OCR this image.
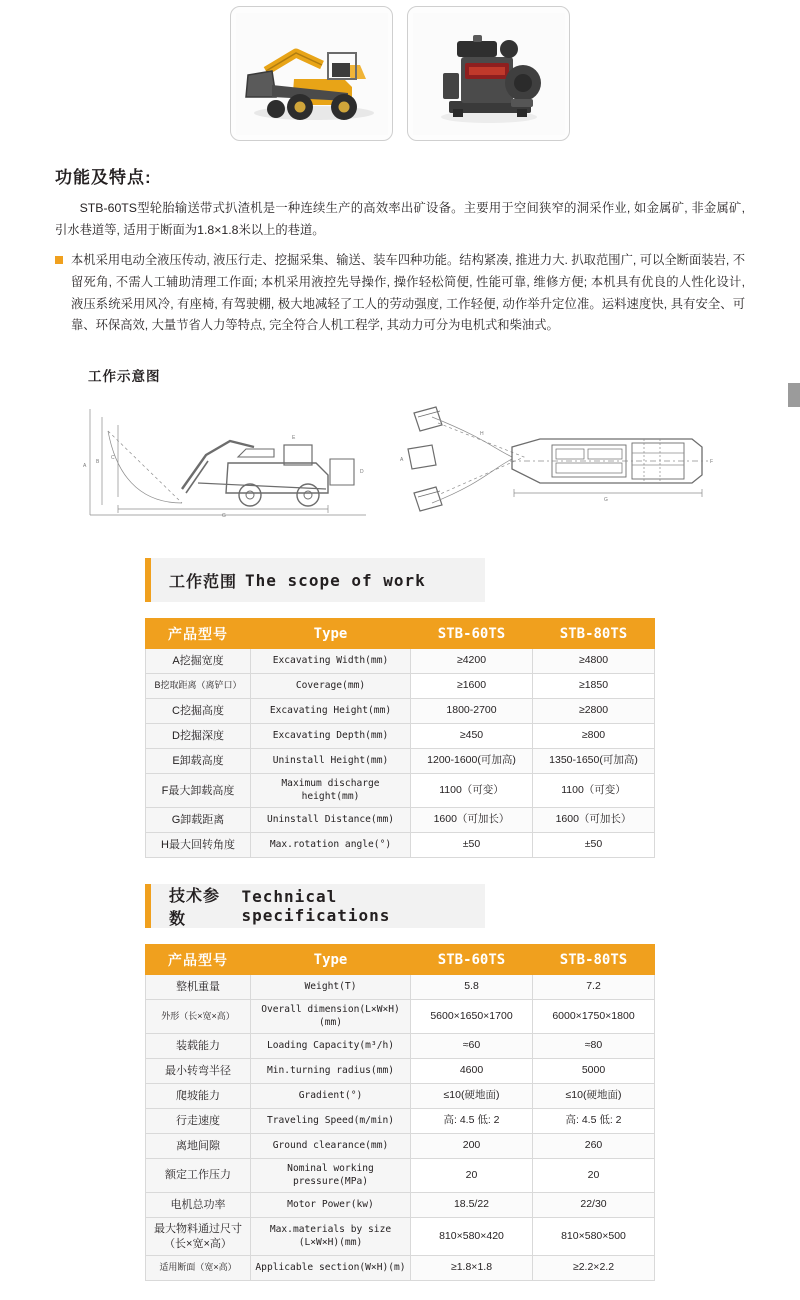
功能及特点:
STB-60TS型轮胎输送带式扒渣机是一种连续生产的高效率出矿设备。主要用于空间狭窄的洞采作业, 如金属矿, 非金属矿, 引水巷道等, 适用于断面为1.8×1.8米以上的巷道。
本机采用电动全液压传动, 液压行走、挖掘采集、输送、装车四种功能。结构紧凑, 推进力大. 扒取范围广, 可以全断面装岩, 不留死角, 不需人工辅助清理工作面; 本机采用液控先导操作, 操作轻松简便, 性能可靠, 维修方便; 本机具有优良的人性化设计, 液压系统采用风冷, 有座椅, 有驾驶棚, 极大地减轻了工人的劳动强度, 工作轻便, 动作举升定位准。运料速度快, 具有安全、可靠、环保高效, 大量节省人力等特点, 完全符合人机工程学, 其动力可分为电机式和柴油式。
工作示意图
A
B
C
G
D
E
H
A
G
F
工作范围 The scope of work
产品型号	Type	STB-60TS	STB-80TS
A挖掘宽度	Excavating Width(mm)	≥4200	≥4800
B挖取距离（离铲口）	Coverage(mm)	≥1600	≥1850
C挖掘高度	Excavating Height(mm)	1800-2700	≥2800
D挖掘深度	Excavating Depth(mm)	≥450	≥800
E卸载高度	Uninstall Height(mm)	1200-1600(可加高)	1350-1650(可加高)
F最大卸载高度	Maximum discharge height(mm)	1100（可变）	1100（可变）
G卸载距离	Uninstall Distance(mm)	1600（可加长）	1600（可加长）
H最大回转角度	Max.rotation angle(°)	±50	±50
技术参数
Technical specifications
产品型号	Type	STB-60TS	STB-80TS
整机重量	Weight(T)	5.8	7.2
外形（长×宽×高）	Overall dimension(L×W×H)(mm)	5600×1650×1700	6000×1750×1800
装载能力	Loading Capacity(m³/h)	≈60	≈80
最小转弯半径	Min.turning radius(mm)	4600	5000
爬坡能力	Gradient(°)	≤10(硬地面)	≤10(硬地面)
行走速度	Traveling Speed(m/min)	高: 4.5 低: 2	高: 4.5 低: 2
离地间隙	Ground clearance(mm)	200	260
额定工作压力	Nominal working pressure(MPa)	20	20
电机总功率	Motor Power(kw)	18.5/22	22/30
最大物料通过尺寸（长×宽×高）	Max.materials by size (L×W×H)(mm)	810×580×420	810×580×500
适用断面（宽×高）	Applicable section(W×H)(m)	≥1.8×1.8	≥2.2×2.2
